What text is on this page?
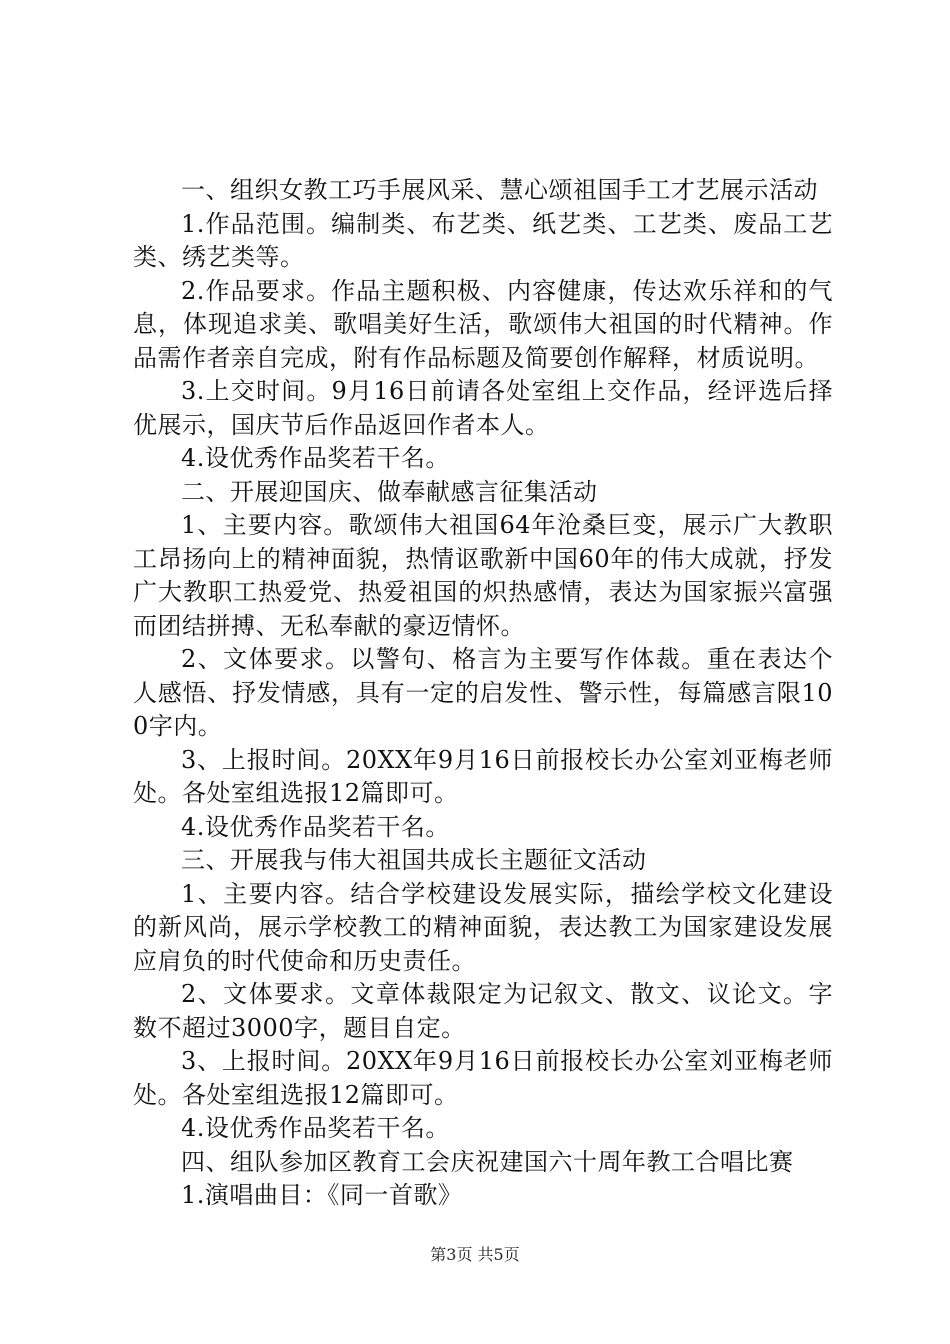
一、组织女教工巧手展风采、慧心颂祖国手工才艺展示活动

1.作品范围。编制类、布艺类、纸艺类、工艺类、废品工艺类、绣艺类等。

2.作品要求。作品主题积极、内容健康，传达欢乐祥和的气息，体现追求美、歌唱美好生活，歌颂伟大祖国的时代精神。作品需作者亲自完成，附有作品标题及简要创作解释，材质说明。

3.上交时间。9月16日前请各处室组上交作品，经评选后择优展示，国庆节后作品返回作者本人。

4.设优秀作品奖若干名。

二、开展迎国庆、做奉献感言征集活动

1、主要内容。歌颂伟大祖国64年沧桑巨变，展示广大教职工昂扬向上的精神面貌，热情讴歌新中国60年的伟大成就，抒发广大教职工热爱党、热爱祖国的炽热感情，表达为国家振兴富强而团结拼搏、无私奉献的豪迈情怀。

2、文体要求。以警句、格言为主要写作体裁。重在表达个人感悟、抒发情感，具有一定的启发性、警示性，每篇感言限100字内。

3、上报时间。20XX年9月16日前报校长办公室刘亚梅老师处。各处室组选报12篇即可。

4.设优秀作品奖若干名。

三、开展我与伟大祖国共成长主题征文活动

1、主要内容。结合学校建设发展实际，描绘学校文化建设的新风尚，展示学校教工的精神面貌，表达教工为国家建设发展应肩负的时代使命和历史责任。

2、文体要求。文章体裁限定为记叙文、散文、议论文。字数不超过3000字，题目自定。

3、上报时间。20XX年9月16日前报校长办公室刘亚梅老师处。各处室组选报12篇即可。

4.设优秀作品奖若干名。

四、组队参加区教育工会庆祝建国六十周年教工合唱比赛

1.演唱曲目：《同一首歌》

第3页 共5页
